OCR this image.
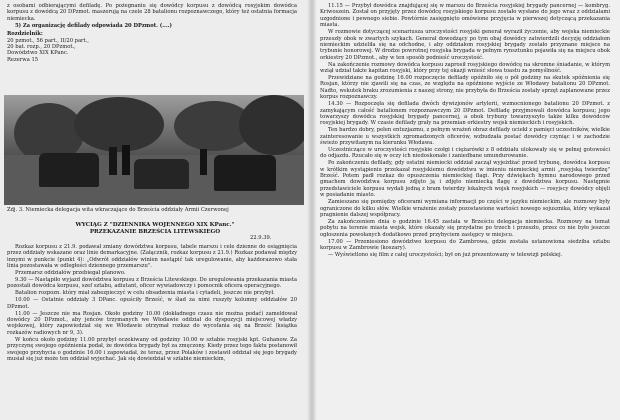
z osobami odbierającymi defiladę. Po pożegnaniu się dowódcy korpusu z dowódcą rosyjskim dowódca korpusu z dowódcą 20 DPzmot. maszerują na czele 28 batalionu rozpoznawczego, który też ostatnia formacja niemiecka.

5) Za organizację defilady odpowiada 20 DPzmot. (....)

Rozdzielnik:
20 pzmot., 56 part., II/20 part.,
20 bat. rozp., 20 DPzmot.,
Dowództwo XIX KPanc.
Rezerwa 15
Zdj. 3. Niemiecka delegacja wita wkraczające do Brześcia oddziały Armii Czerwonej
WYCIĄG Z "DZIENNIKA WOJENNEGO XIX KPanc."
PRZEKAZANIE BRZEŚCIA LITEWSKIEGO
22.9.39.

Rozkaz korpusu z 21.9. podawał zmiany dowództwa korpusu, tabele marszu i cele dzienne do osiągnięcia przez oddziały wskazane oraz linie demarkacyjne. (Załącznik, rozkaz korpusu z 21.9.) Rozkaz podawał między innymi w punkcie (punkt 4): „Odwrót oddziałów winien nastąpić tak uregulowanie, aby każdorazowo stała linia pozostawała w odległości dziennego przemarszu".

Przemarsz oddziałów przebiegał planowo.

9.30 — Nastąpiło wyjazd dowództwa korpusu z Brześcia Litewskiego. Do uregulowania przekazania miasta pozostali dowódca korpusu, szef sztabu, adiutant, oficer wywiadowczy i pomocnik oficera operacyjnego.

Batalion rozpozn. który miał zabezpieczyć w celu obsadzenia miasta i cytadeli, jeszcze nie przybył.

10.00 — Ostatnie oddziały 3 DPanc. opuściły Brześć, w ślad za nimi ruszyły kolumny oddziałów 20 DPzmot.

11.00 — Jeszcze nie ma Rosjan. Około godziny 10.00 (dokładnego czasu nie można podać) zameldował dowódcy 20 DPzmot., aby jeńców trzymanych we Włodawie oddział do dyspozycji miejscowej władzy wojskowej, który zapowiedział się we Włodawie otrzymał rozkaz do wycofania się na Brześć (książka rozkazów radiowych nr 9, 3).

W końcu około godziny 11.00 przybył oczekiwany od godziny 10.00 w sztabie rosyjski kpt. Guhanow. Za przyczynę swojego opóźnienia podał, że dowódca brygady był za zmęczony. Kiedy przez tego faktu postanowił swojego przybycia o godzinie 16.00 i zapowiadał, że teraz, przez Polaków i zostawił oddział się jego brygady musiał się już może ten oddział wyjechać. Jak się dowiedział w sztabie niemieckim,

11.15 — Przybył dowódca znajdującej się w marszu do Brześcia rosyjskiej brygady pancernej — kombryg. Kriwoszein. Został on przyjęty przez dowódcę rosyjskiego korpusu zostało wysłane do jego wraz z oddziałami uzgodnione i pewnego siebie. Powtórnie zasięgnięto omówione przyjęcia w pierwszej dotyczącą przekazania miasta.

W rozmowie dotyczącej scenariusza uroczystości rosyjski generał wyraził życzenie, aby wojska niemieckie przeszły obok w zwartych szykach. Generał dowodzący po tym obaj dowódcy zatwierdzili decyzję oddziałom niemieckim udzieliła się na odchodne, i aby oddziałom rosyjskiej brygady zostało przyznane miejsce na trybunie honorowej. W drodze powrotnej rosyjska brygada w pełnym rynsztunku pojawiła się na miejscu obok orkiestry 20 DPzmot., aby w ten sposób podnieść uroczystość.

Na zakończenie rozmowy dowódca korpusu zaprosił rosyjskiego dowódcę na skromne śniadanie, w którym wziął udział także kapitan rosyjski, który przy tej okazji wnieść słowa toastu za pomyślność.

Przewidziane na godzinę 16.00 rozpoczęcie defilady opóźniło się o pół godziny na skutek spóźnienia się Rosjan, którzy nie zjawili się na czas, ze względu na opóźnione wyjście ze Włodawy batalionu 20 DPzmot. Nadto, wskutek braku zrozumienia z naszej strony, nie przybyła do Brześcia zostały sprzęt zaplanowane przez korpus rozpoznawczy.

14.30 — Rozpoczęła się defilada dwóch dywizjonów artylerii, wzmocnionego batalionu 20 DPzmot. z zamykającym całość batalionem rozpoznawczym 20 DPzmot. Defiladę przyjmowali dowódca korpusu; jego towarzyszy dowódca rosyjskiej brygady pancernej, a obok trybuny towarzyszyło także kilku dowódców rosyjskiej brygady. W czasie defilady grały na przemian orkiestry wojsk niemieckich i rosyjskich.

Ten bardzo dobry, pełen entuzjazmu, z pełnym wrażeń obraz defilady uciekł z pamięci uczestników, wielkie zainteresowanie u wszystkich zgromadzonych oficerów, wzbudzała postać dowódcy czyniąc i w zachodzie świeżo przywitanym na kierunku Włodawa.

Uczestniczące w uroczystości rosyjskie czołgi i ciężarówki z 8 oddziału ulokowały się w pełnej gotowości do odjazdu. Rzucało się w oczy ich niedoskonałe i zaniedbane umundurowanie.

Po zakończeniu defilady, gdy ostatni niemiecki oddział zaczął wyjeżdżać przed trybunę, dowódca korpusu w krótkim wystąpieniu przekazał rosyjskiemu dowództwu w imieniu niemieckiej armii „rosyjską twierdzę" Brześć. Potem padł rozkaz do opuszczenia niemieckiej flagi. Przy dźwiękach hymnu narodowego przed gmachem dowództwa korpusu zdjęto ją i zdjęto niemiecką flagę z dowództwa korpusu. Następnie przedstawiciele korpusu wydali jedną z bram twierdzy lokalnych wojsk rosyjskich — rosyjscy dowódcy objęli w posiadanie miasto.

Zamieszano się pomiędzy oficerami wymiana informacji po części w języku niemieckim, ale rozmowy były ograniczone do kilku słów. Wielkie wrażenie zostały pozostawione wartości nowego sojusznika, który wykazał pragnienie dalszej współpracy.

Za zakończeniem dnia o godzinie 16.45 zastała w Brześciu delegacja niemiecka. Rozmowy na temat pobytu na terenie miasta wojsk, które okazały się przydatne po trzech i przeszło, przez co nie było jeszcze ogłoszenia powołanych dodatkowo przed przybyciem zastępcy w miejscu.

17.00 — Przeniesiono dowództwo korpusu do Zambrowa, gdzie została ustanowiona siedziba sztabu korpusu w Zambrowie (koszary).

— Wyświetlono się film z całej uroczystości; był on już prezentowany w telewizji polskiej.
